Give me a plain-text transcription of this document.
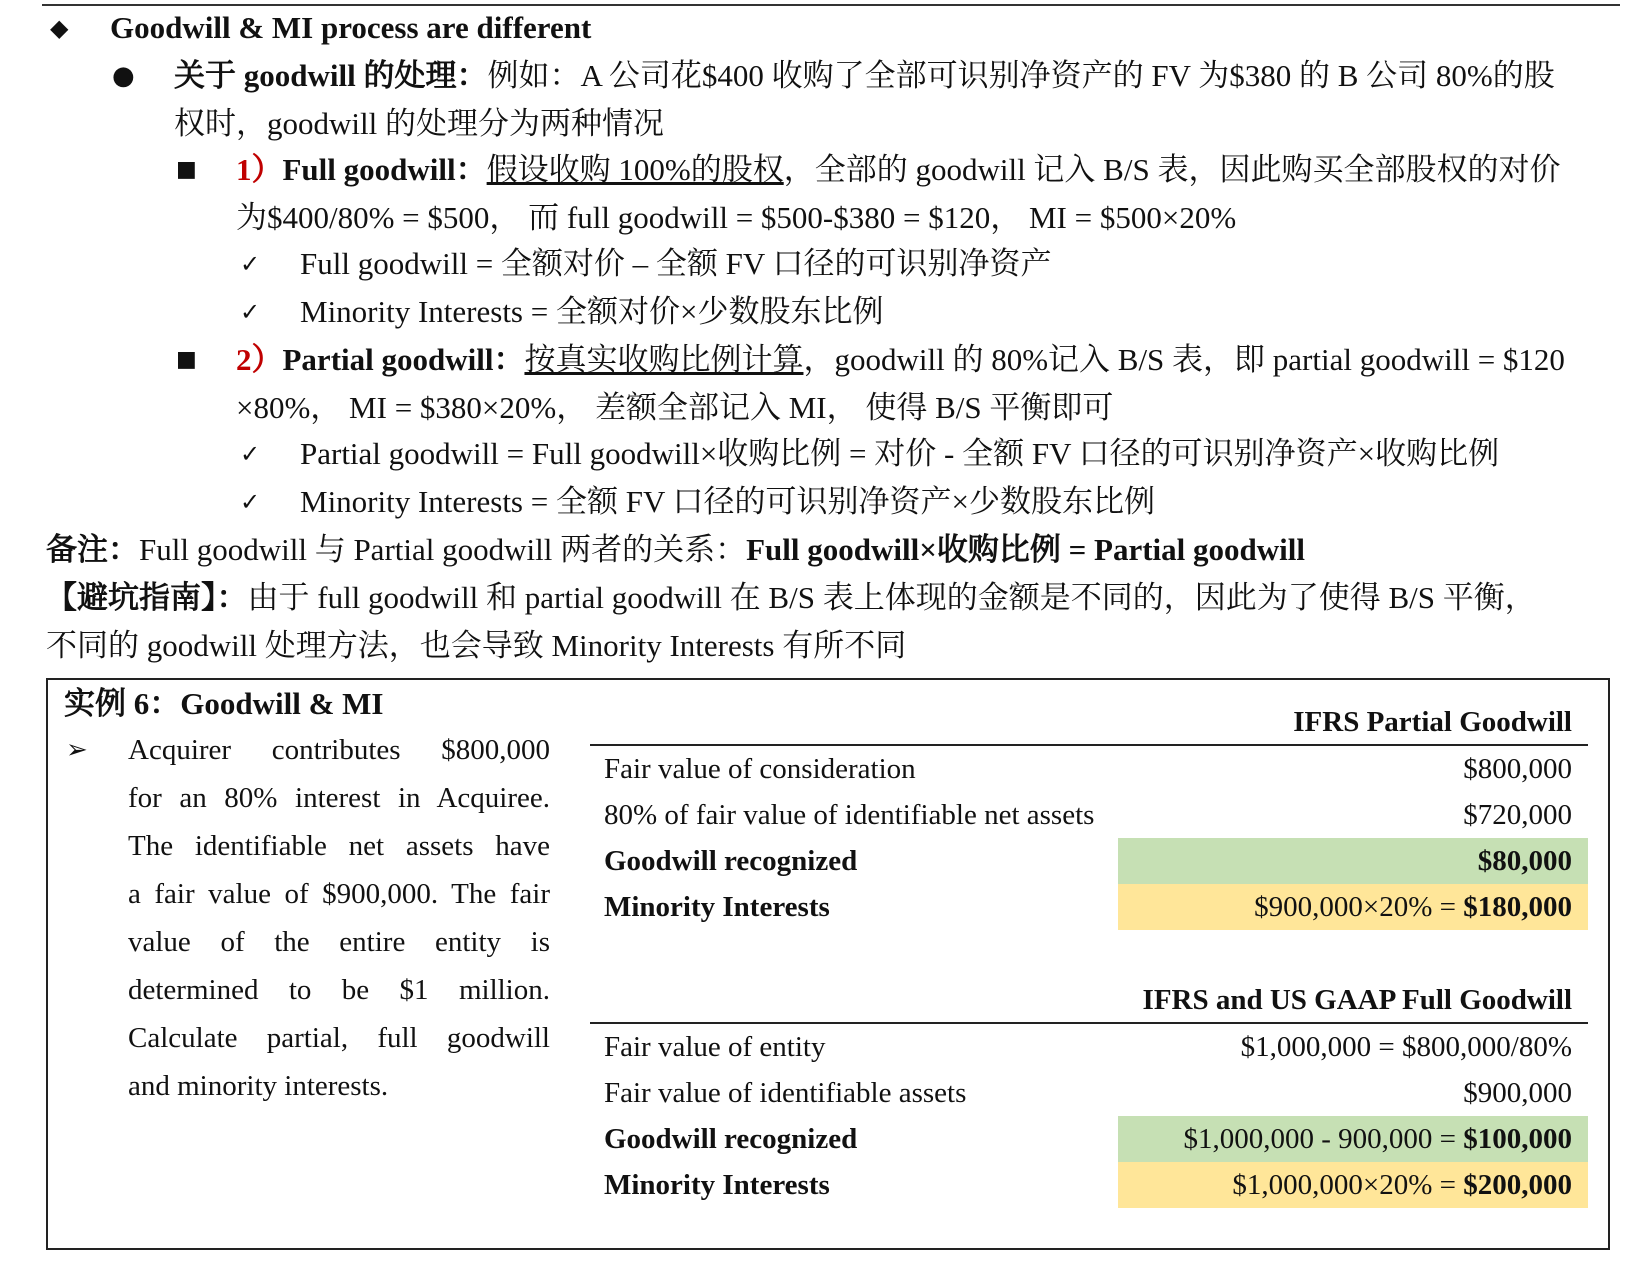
◆ Goodwill & MI process are different
● 关于 goodwill 的处理：例如：A 公司花$400 收购了全部可识别净资产的 FV 为$380 的 B 公司 80%的股
权时，goodwill 的处理分为两种情况
■ 1）Full goodwill：假设收购 100%的股权，全部的 goodwill 记入 B/S 表，因此购买全部股权的对价
为$400/80% = $500， 而 full goodwill = $500-$380 = $120， MI = $500×20%
✓ Full goodwill = 全额对价 – 全额 FV 口径的可识别净资产
✓ Minority Interests = 全额对价×少数股东比例
■ 2）Partial goodwill：按真实收购比例计算，goodwill 的 80%记入 B/S 表，即 partial goodwill = $120
×80%， MI = $380×20%， 差额全部记入 MI， 使得 B/S 平衡即可
✓ Partial goodwill = Full goodwill×收购比例 = 对价 - 全额 FV 口径的可识别净资产×收购比例
✓ Minority Interests = 全额 FV 口径的可识别净资产×少数股东比例
备注：Full goodwill 与 Partial goodwill 两者的关系：Full goodwill×收购比例 = Partial goodwill
【避坑指南】：由于 full goodwill 和 partial goodwill 在 B/S 表上体现的金额是不同的，因此为了使得 B/S 平衡，
不同的 goodwill 处理方法，也会导致 Minority Interests 有所不同
实例 6：Goodwill & MI
➢ Acquirer contributes $800,000
for an 80% interest in Acquiree.
The identifiable net assets have
a fair value of $900,000. The fair
value of the entire entity is
determined to be $1 million.
Calculate partial, full goodwill
and minority interests.
IFRS Partial Goodwill
Fair value of consideration	$800,000
80% of fair value of identifiable net assets	$720,000
Goodwill recognized	$80,000
Minority Interests	$900,000×20% = $180,000
IFRS and US GAAP Full Goodwill
Fair value of entity	$1,000,000 = $800,000/80%
Fair value of identifiable assets	$900,000
Goodwill recognized	$1,000,000 - 900,000 = $100,000
Minority Interests	$1,000,000×20% = $200,000
